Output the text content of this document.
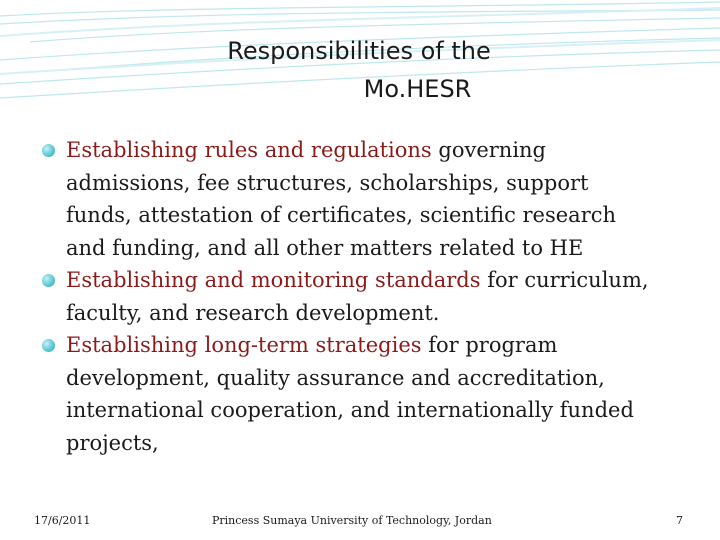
Responsibilities of the
Mo.HESR
Establishing rules and regulations governing
admissions, fee structures, scholarships, support
funds, attestation of certificates, scientific research
and funding, and all other matters related to HE
Establishing and monitoring standards for curriculum,
faculty, and research development.
Establishing long-term strategies for program
development, quality assurance and accreditation,
international cooperation, and internationally funded
projects,
17/6/2011	Princess Sumaya University of Technology, Jordan	7
